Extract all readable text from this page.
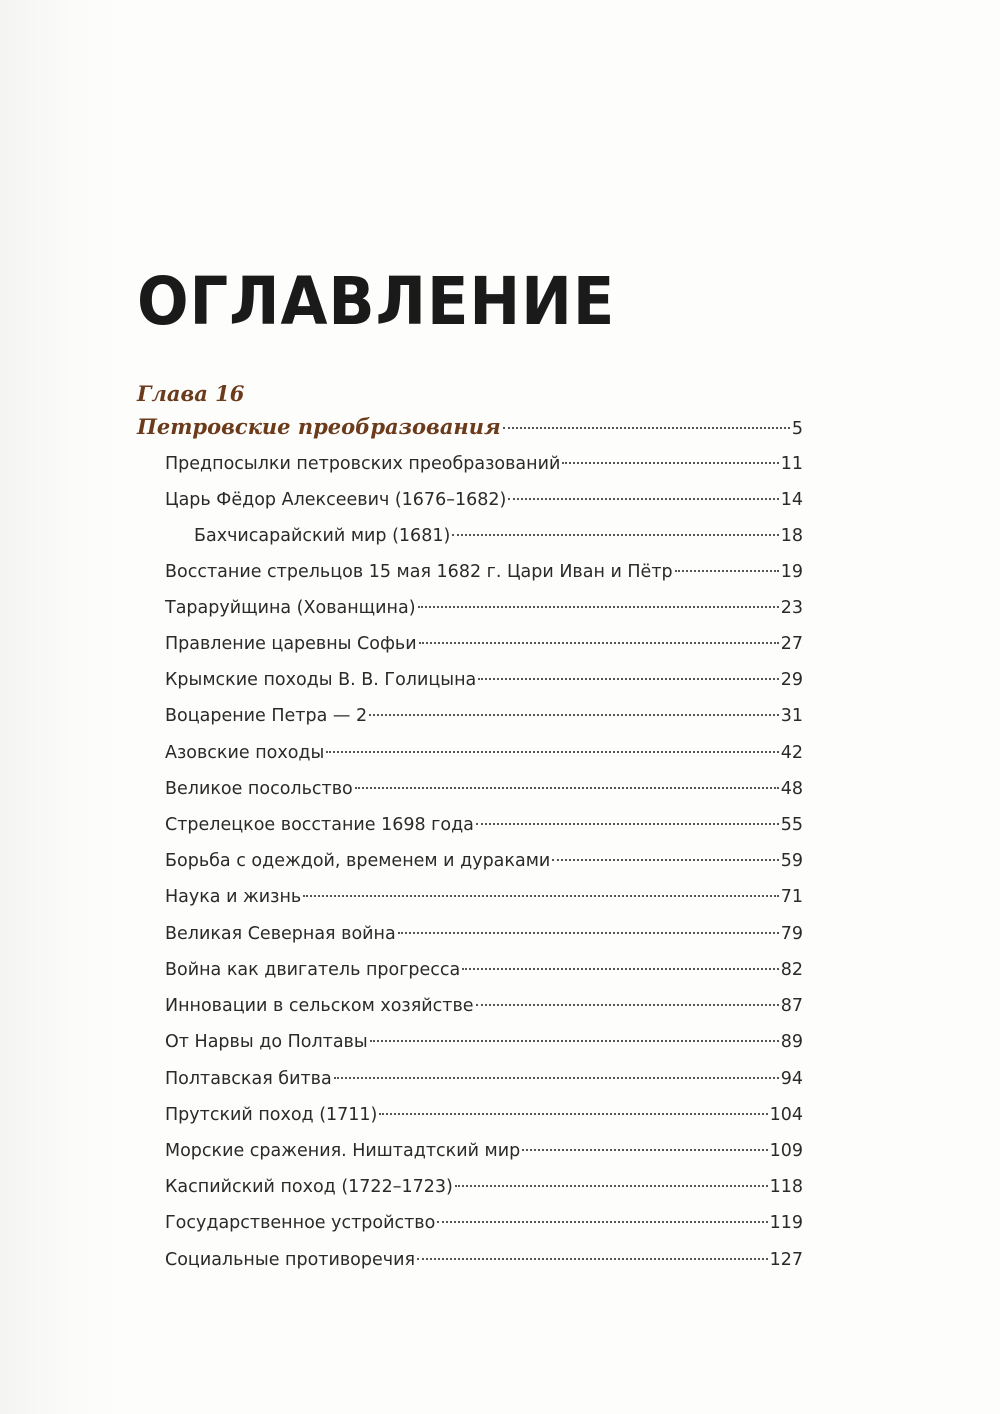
ОГЛАВЛЕНИЕ
Глава 16
Петровские преобразования	5
Предпосылки петровских преобразований	11
Царь Фёдор Алексеевич (1676–1682)	14
Бахчисарайский мир (1681)	18
Восстание стрельцов 15 мая 1682 г. Цари Иван и Пётр	19
Тараруйщина (Хованщина)	23
Правление царевны Софьи	27
Крымские походы В. В. Голицына	29
Воцарение Петра — 2	31
Азовские походы	42
Великое посольство	48
Стрелецкое восстание 1698 года	55
Борьба с одеждой, временем и дураками	59
Наука и жизнь	71
Великая Северная война	79
Война как двигатель прогресса	82
Инновации в сельском хозяйстве	87
От Нарвы до Полтавы	89
Полтавская битва	94
Прутский поход (1711)	104
Морские сражения. Ништадтский мир	109
Каспийский поход (1722–1723)	118
Государственное устройство	119
Социальные противоречия	127
